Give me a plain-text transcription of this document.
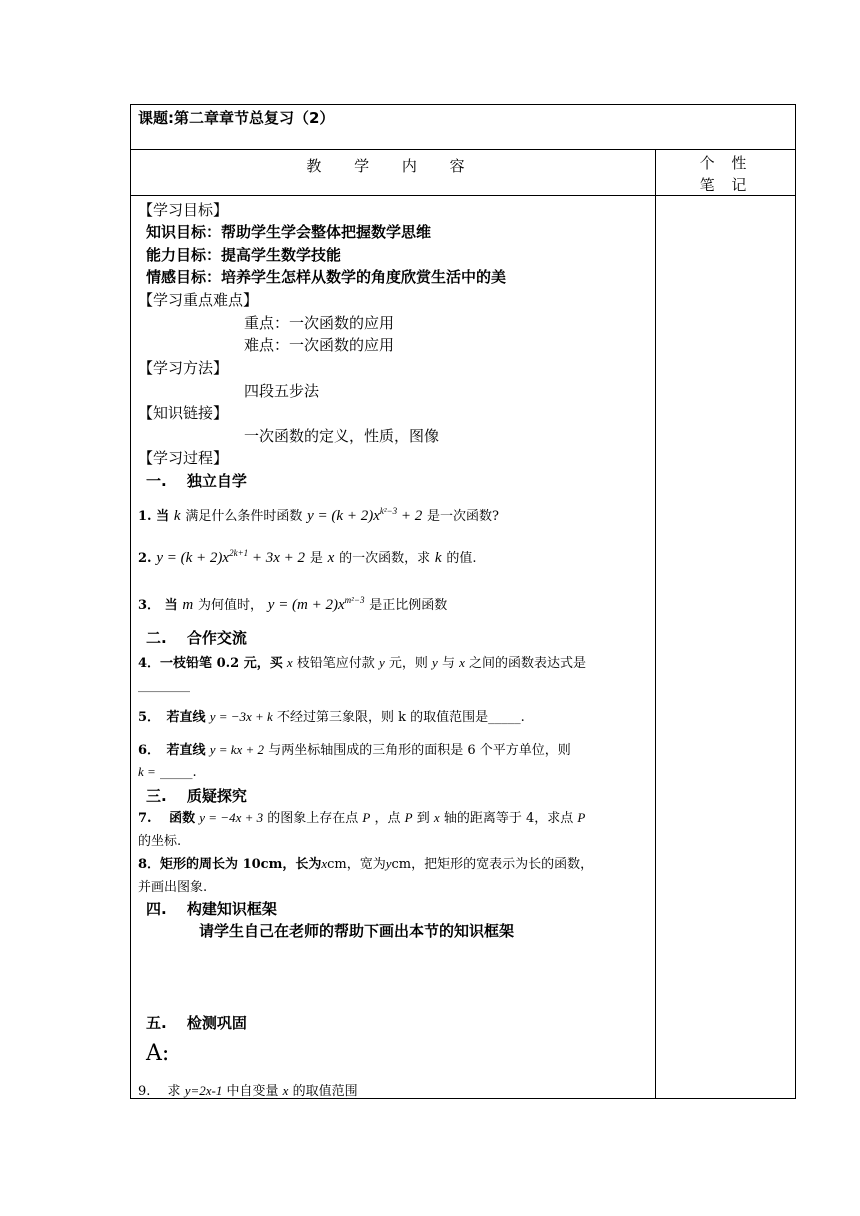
课题:第二章章节总复习（2）
教 学 内 容	个 性
笔 记
【学习目标】
知识目标：帮助学生学会整体把握数学思维
能力目标：提高学生数学技能
情感目标：培养学生怎样从数学的角度欣赏生活中的美
【学习重点难点】
重点：一次函数的应用
难点：一次函数的应用
【学习方法】
四段五步法
【知识链接】
一次函数的定义，性质，图像
【学习过程】
一.　 独立自学
1. 当 k 满足什么条件时函数 $y = (k + 2)x^{k^2-3} + 2$ 是一次函数?
2. $y = (k + 2)x^{2k+1} + 3x + 2$ 是 x 的一次函数，求 k 的值.
3． 当 m 为何值时， $y = (m + 2)x^{m^2-3}$ 是正比例函数
二.　 合作交流
4．一枝铅笔 0.2 元，买 x 枝铅笔应付款 y 元，则 y 与 x 之间的函数表达式是
________
5．　若直线 y = −3x + k 不经过第三象限，则 k 的取值范围是_____.
6．　若直线 y = kx + 2 与两坐标轴围成的三角形的面积是 6 个平方单位，则
k = _____.
三.　 质疑探究
7.　 函数 y = −4x + 3 的图象上存在点 P ，点 P 到 x 轴的距离等于 4，求点 P
的坐标.
8．矩形的周长为 10cm，长为xcm，宽为ycm，把矩形的宽表示为长的函数，
并画出图象.
四.　 构建知识框架
请学生自己在老师的帮助下画出本节的知识框架
五.　 检测巩固
A:
9.　 求 y=2x-1 中自变量 x 的取值范围
